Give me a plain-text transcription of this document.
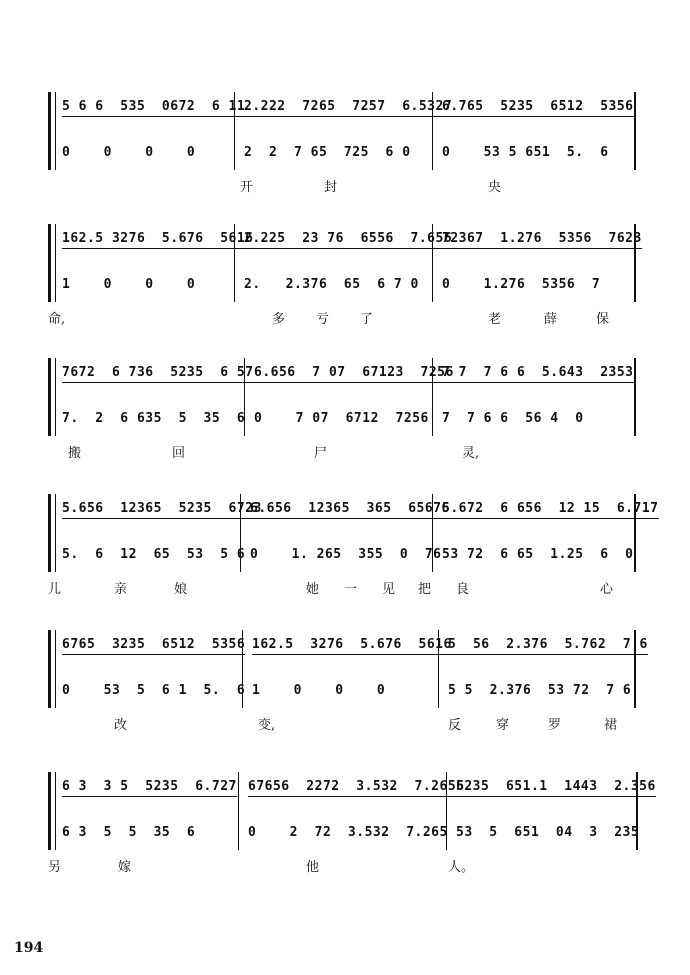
5 6 6  535  0672  6 11
2.222  7265  7257  6.5327
6.765  5235  6512  5356
0    0    0    0	2  2  7 65  725  6 0 0    53 5 651  5.  6
开	封	央
162.5 3276  5.676  5616
2.225  23 76  6556  7.656
72367  1.276  5356  7623
1    0    0    0	2.   2.376  65  6 7 0 0    1.276  5356  7
命,	多 亏 了	老	薛	保
7672  6 736  5235  6 57 6.656  7 07  67123  7256
7 7  7 6 6  5.643  2353
7.  2  6 635  5  35  6 0    7 07  6712  7256 7  7 6 6  56 4  0
搬	回	尸	灵,
5.656  12365  5235  6723
6.656  12365  365  65676
5.672  6 656  12 15  6.717
5.  6  12  65  53  5 6 0    1. 265  355  0  76 53 72  6 65  1.25  6  0
儿	亲	娘	她 一 见 把 良	心
6765  3235  6512  5356 162.5  3276  5.676  5616
5  56  2.376  5.762  7 6
0    53  5  6 1  5.  6 1    0    0    0	5 5  2.376  53 72  7 6
改	变,	反	穿	罗	裙
6 3  3 5  5235  6.727 67656  2272  3.532  7.2656
5235  651.1  1443  2.356
6 3  5  5  35  6	0    2  72  3.532  7.265 53  5  651  04  3  235
另	嫁	他	人。
194
